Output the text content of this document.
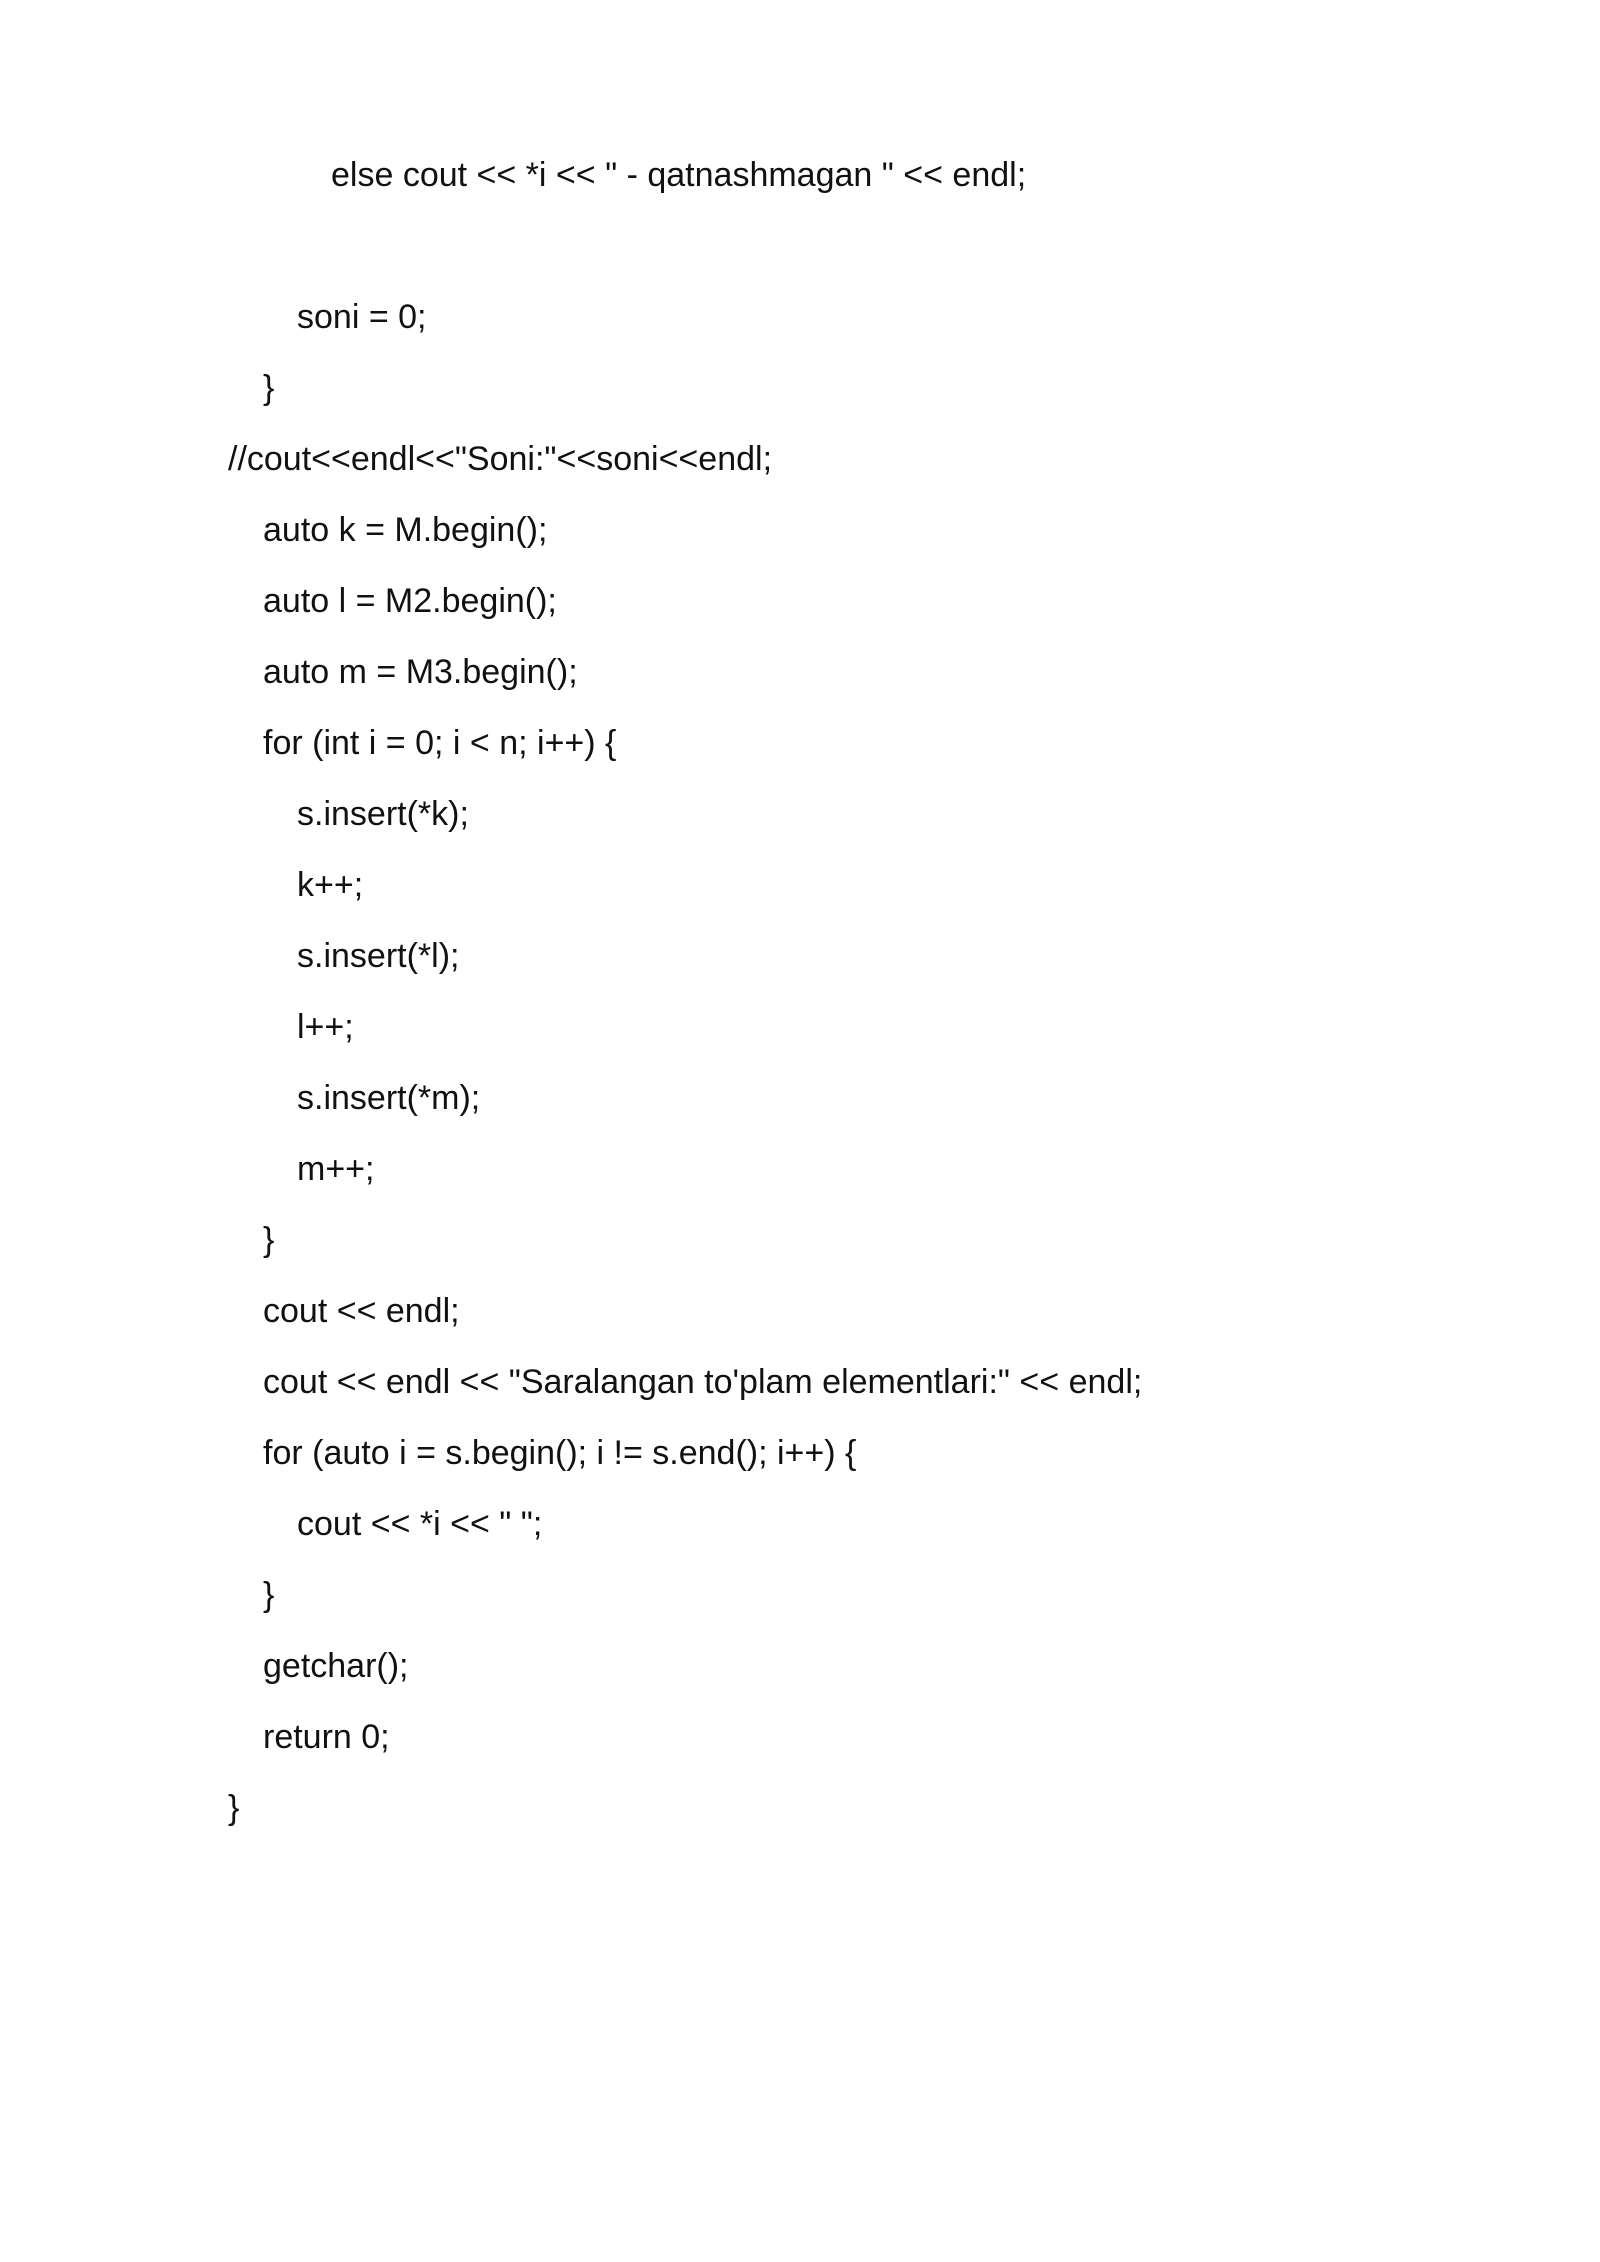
else cout << *i << " - qatnashmagan " << endl;
soni = 0;
}
//cout<<endl<<"Soni:"<<soni<<endl;
auto k = M.begin();
auto l = M2.begin();
auto m = M3.begin();
for (int i = 0; i < n; i++) {
s.insert(*k);
k++;
s.insert(*l);
l++;
s.insert(*m);
m++;
}
cout << endl;
cout << endl << "Saralangan to'plam elementlari:" << endl;
for (auto i = s.begin(); i != s.end(); i++) {
cout << *i << " ";
}
getchar();
return 0;
}
